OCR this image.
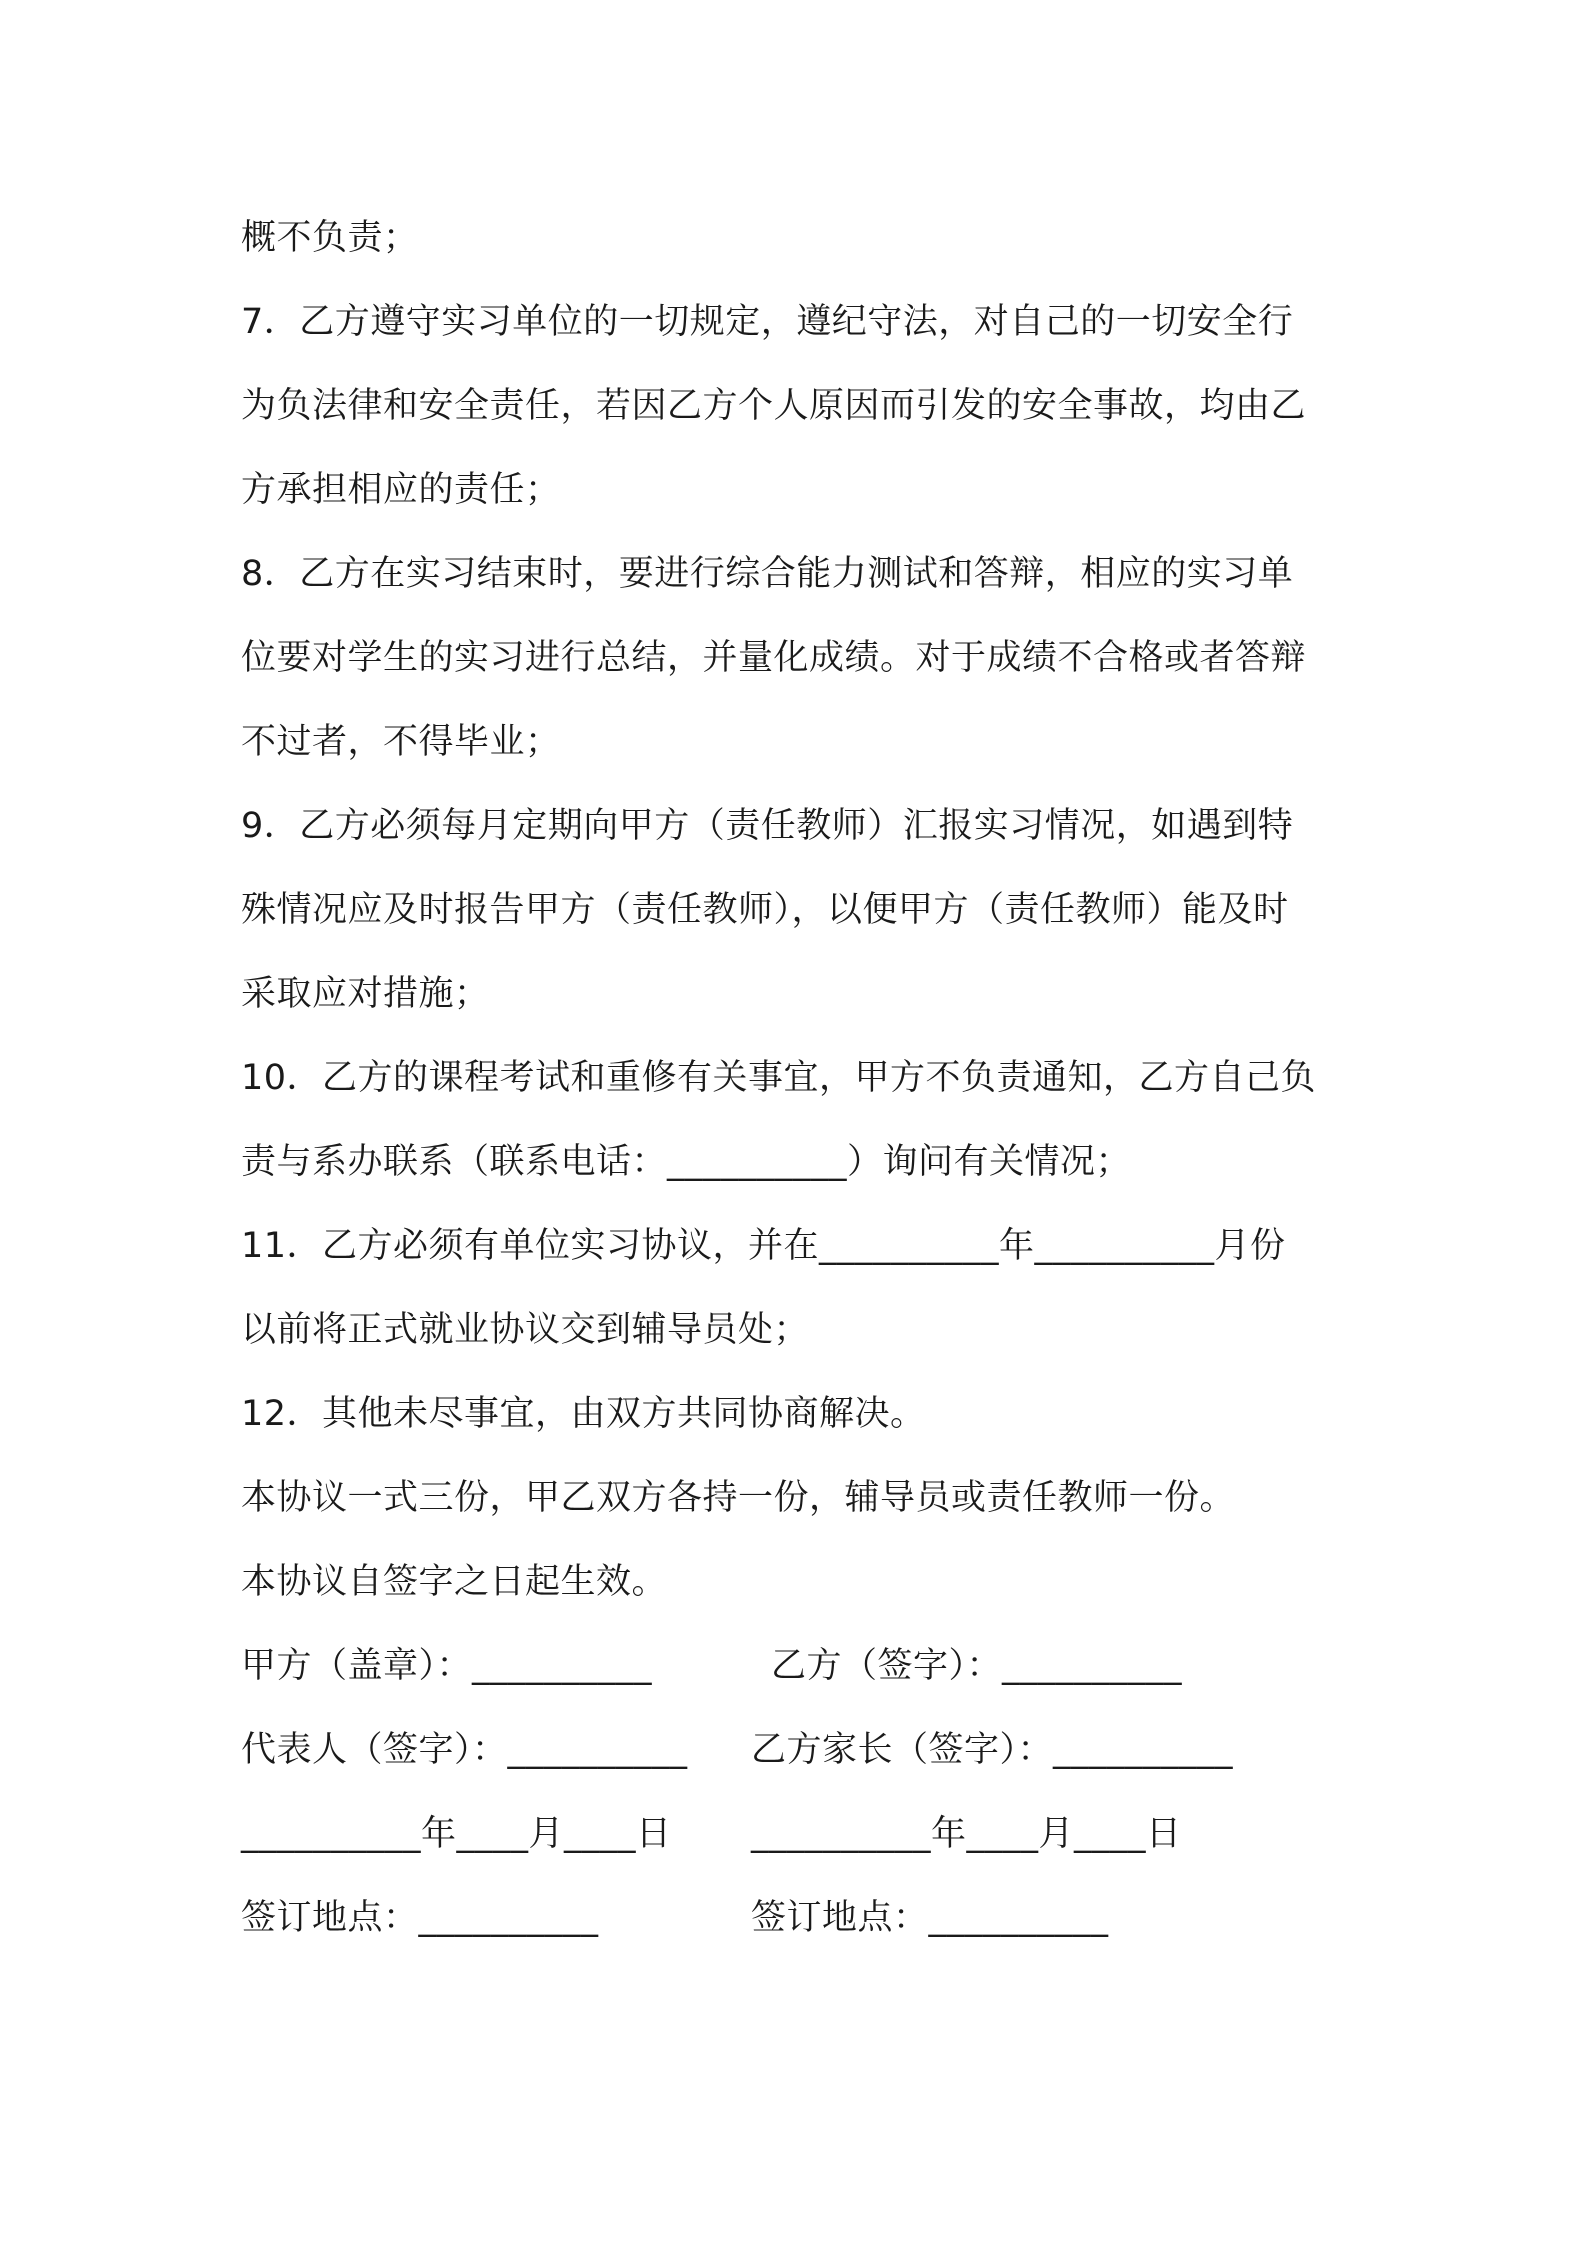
概不负责；
7．乙方遵守实习单位的一切规定，遵纪守法，对自己的一切安全行
为负法律和安全责任，若因乙方个人原因而引发的安全事故，均由乙
方承担相应的责任；
8．乙方在实习结束时，要进行综合能力测试和答辩，相应的实习单
位要对学生的实习进行总结，并量化成绩。对于成绩不合格或者答辩
不过者，不得毕业；
9．乙方必须每月定期向甲方（责任教师）汇报实习情况，如遇到特
殊情况应及时报告甲方（责任教师），以便甲方（责任教师）能及时
采取应对措施；
10．乙方的课程考试和重修有关事宜，甲方不负责通知，乙方自己负
责与系办联系（联系电话：__________）询问有关情况；
11．乙方必须有单位实习协议，并在__________年__________月份
以前将正式就业协议交到辅导员处；
12．其他未尽事宜，由双方共同协商解决。
本协议一式三份，甲乙双方各持一份，辅导员或责任教师一份。
本协议自签字之日起生效。
甲方（盖章）：__________	乙方（签字）：__________
代表人（签字）：__________ 乙方家长（签字）：__________
__________年____月____日 __________年____月____日
签订地点：__________	签订地点：__________
